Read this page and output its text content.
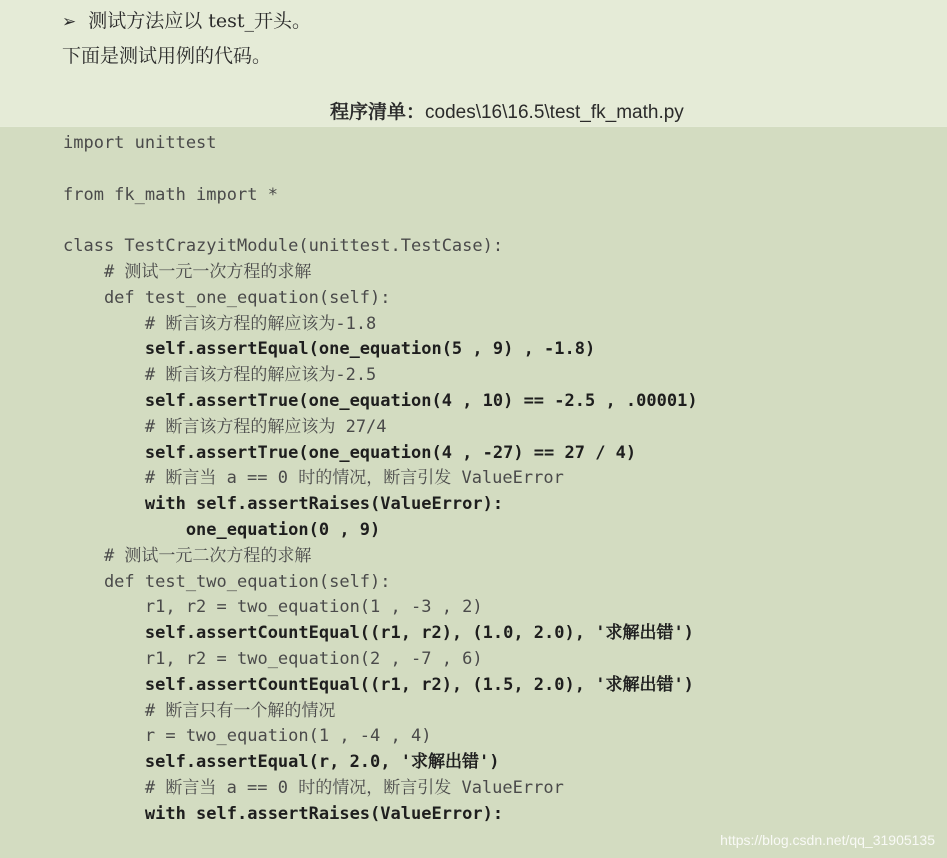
➢ 测试方法应以 test_开头。
下面是测试用例的代码。
程序清单：codes\16\16.5\test_fk_math.py
import unittest
from fk_math import *
class TestCrazyitModule(unittest.TestCase):
# 测试一元一次方程的求解
def test_one_equation(self):
# 断言该方程的解应该为-1.8
self.assertEqual(one_equation(5 , 9) , -1.8)
# 断言该方程的解应该为-2.5
self.assertTrue(one_equation(4 , 10) == -2.5 , .00001)
# 断言该方程的解应该为 27/4
self.assertTrue(one_equation(4 , -27) == 27 / 4)
# 断言当 a == 0 时的情况，断言引发 ValueError
with self.assertRaises(ValueError):
one_equation(0 , 9)
# 测试一元二次方程的求解
def test_two_equation(self):
r1, r2 = two_equation(1 , -3 , 2)
self.assertCountEqual((r1, r2), (1.0, 2.0), '求解出错')
r1, r2 = two_equation(2 , -7 , 6)
self.assertCountEqual((r1, r2), (1.5, 2.0), '求解出错')
# 断言只有一个解的情况
r = two_equation(1 , -4 , 4)
self.assertEqual(r, 2.0, '求解出错')
# 断言当 a == 0 时的情况，断言引发 ValueError
with self.assertRaises(ValueError):
https://blog.csdn.net/qq_31905135
